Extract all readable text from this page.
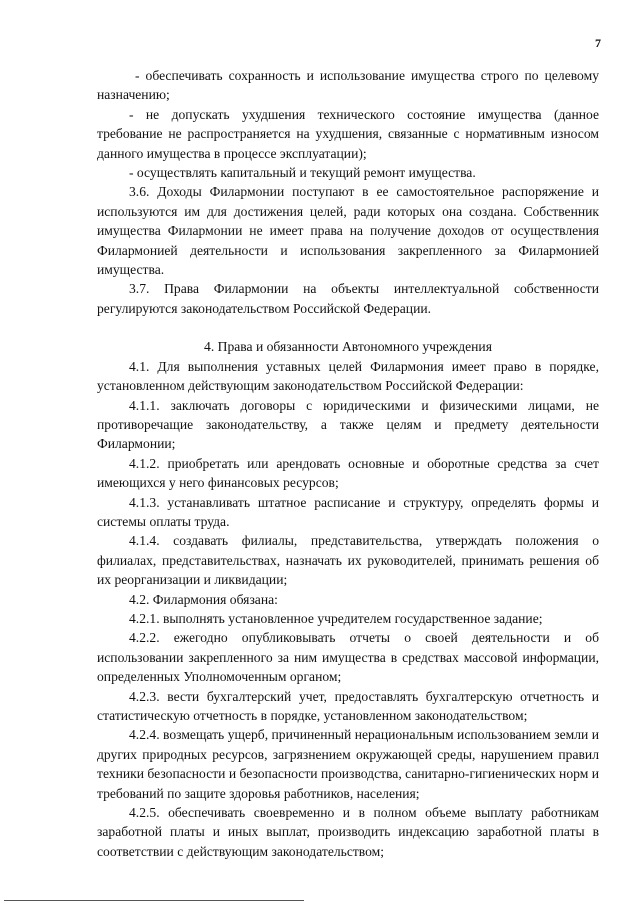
7

- обеспечивать сохранность и использование имущества строго по целевому назначению;

- не допускать ухудшения технического состояние имущества (данное требование не распространяется на ухудшения, связанные с нормативным износом данного имущества в процессе эксплуатации);

- осуществлять капитальный и текущий ремонт имущества.

3.6. Доходы Филармонии поступают в ее самостоятельное распоряжение и используются им для достижения целей, ради которых она создана. Собственник имущества Филармонии не имеет права на получение доходов от осуществления Филармонией деятельности и использования закрепленного за Филармонией имущества.

3.7. Права Филармонии на объекты интеллектуальной собственности регулируются законодательством Российской Федерации.

4. Права и обязанности Автономного учреждения

4.1. Для выполнения уставных целей Филармония имеет право в порядке, установленном действующим законодательством Российской Федерации:

4.1.1. заключать договоры с юридическими и физическими лицами, не противоречащие законодательству, а также целям и предмету деятельности Филармонии;

4.1.2. приобретать или арендовать основные и оборотные средства за счет имеющихся у него финансовых ресурсов;

4.1.3. устанавливать штатное расписание и структуру, определять формы и системы оплаты труда.

4.1.4. создавать филиалы, представительства, утверждать положения о филиалах, представительствах, назначать их руководителей, принимать решения об их реорганизации и ликвидации;

4.2. Филармония обязана:

4.2.1. выполнять установленное учредителем государственное задание;

4.2.2. ежегодно опубликовывать отчеты о своей деятельности и об использовании закрепленного за ним имущества в средствах массовой информации, определенных Уполномоченным органом;

4.2.3. вести бухгалтерский учет, предоставлять бухгалтерскую отчетность и статистическую отчетность в порядке, установленном законодательством;

4.2.4. возмещать ущерб, причиненный нерациональным использованием земли и других природных ресурсов, загрязнением окружающей среды, нарушением правил техники безопасности и безопасности производства, санитарно-гигиенических норм и требований по защите здоровья работников, населения;

4.2.5. обеспечивать своевременно и в полном объеме выплату работникам заработной платы и иных выплат, производить индексацию заработной платы в соответствии с действующим законодательством;
